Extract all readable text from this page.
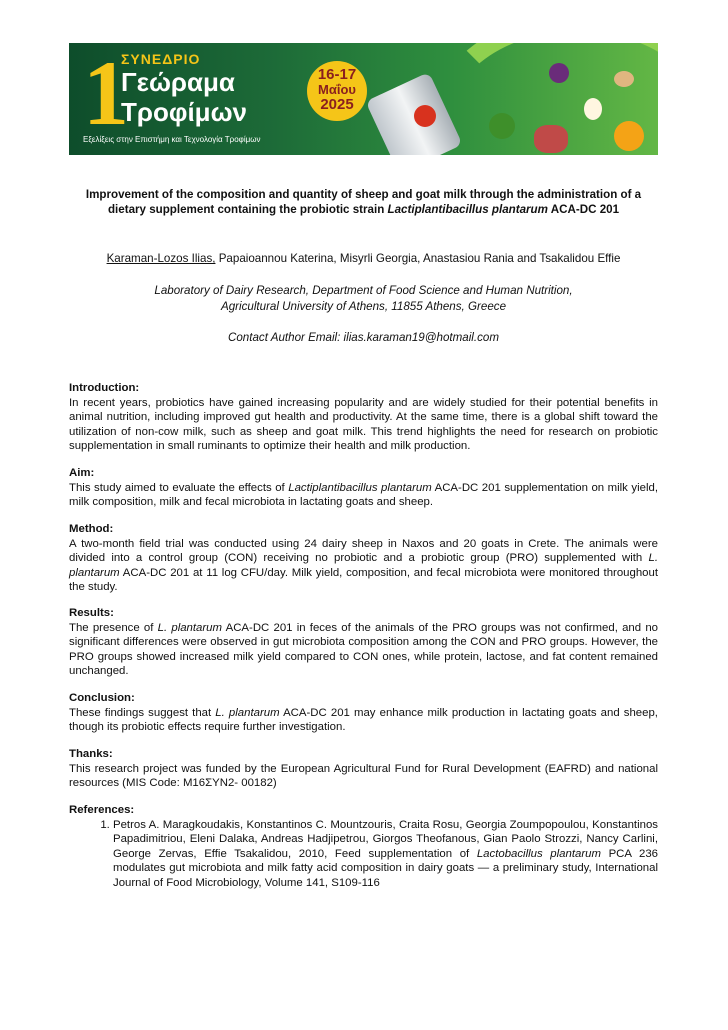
1
ΣΥΝΕΔΡΙΟ
Γεώραμα
Τροφίμων
16-17
Μαΐου
2025
Εξελίξεις στην Επιστήμη και Τεχνολογία Τροφίμων
Improvement of the composition and quantity of sheep and goat milk through the administration of a dietary supplement containing the probiotic strain Lactiplantibacillus plantarum ACA-DC 201
Karaman-Lozos Ilias, Papaioannou Katerina, Misyrli Georgia, Anastasiou Rania and Tsakalidou Effie
Laboratory of Dairy Research, Department of Food Science and Human Nutrition,
Agricultural University of Athens, 11855 Athens, Greece
Contact Author Email: ilias.karaman19@hotmail.com
Introduction:

In recent years, probiotics have gained increasing popularity and are widely studied for their potential benefits in animal nutrition, including improved gut health and productivity. At the same time, there is a global shift toward the utilization of non-cow milk, such as sheep and goat milk. This trend highlights the need for research on probiotic supplementation in small ruminants to optimize their health and milk production.

Aim:

This study aimed to evaluate the effects of Lactiplantibacillus plantarum ACA-DC 201 supplementation on milk yield, milk composition, milk and fecal microbiota in lactating goats and sheep.

Method:

A two-month field trial was conducted using 24 dairy sheep in Naxos and 20 goats in Crete. The animals were divided into a control group (CON) receiving no probiotic and a probiotic group (PRO) supplemented with L. plantarum ACA-DC 201 at 11 log CFU/day. Milk yield, composition, and fecal microbiota were monitored throughout the study.

Results:

The presence of L. plantarum ACA-DC 201 in feces of the animals of the PRO groups was not confirmed, and no significant differences were observed in gut microbiota composition among the CON and PRO groups. However, the PRO groups showed increased milk yield compared to CON ones, while protein, lactose, and fat content remained unchanged.

Conclusion:

These findings suggest that L. plantarum ACA-DC 201 may enhance milk production in lactating goats and sheep, though its probiotic effects require further investigation.

Thanks:

This research project was funded by the European Agricultural Fund for Rural Development (EAFRD) and national resources (MIS Code: Μ16ΣΥΝ2- 00182)

References:
1. Petros A. Maragkoudakis, Konstantinos C. Mountzouris, Craita Rosu, Georgia Zoumpopoulou, Konstantinos Papadimitriou, Eleni Dalaka, Andreas Hadjipetrou, Giorgos Theofanous, Gian Paolo Strozzi, Nancy Carlini, George Zervas, Effie Tsakalidou, 2010, Feed supplementation of Lactobacillus plantarum PCA 236 modulates gut microbiota and milk fatty acid composition in dairy goats — a preliminary study, International Journal of Food Microbiology, Volume 141, S109-116
